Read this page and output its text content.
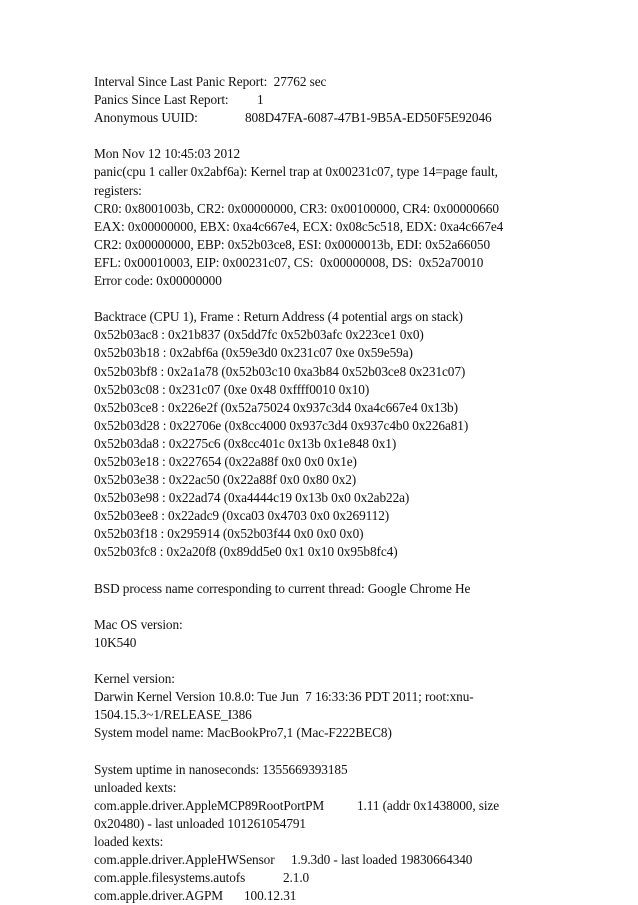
Interval Since Last Panic Report: 27762 sec
Panics Since Last Report: 1
Anonymous UUID:	808D47FA-6087-47B1-9B5A-ED50F5E92046
Mon Nov 12 10:45:03 2012
panic(cpu 1 caller 0x2abf6a): Kernel trap at 0x00231c07, type 14=page fault,
registers:
CR0: 0x8001003b, CR2: 0x00000000, CR3: 0x00100000, CR4: 0x00000660
EAX: 0x00000000, EBX: 0xa4c667e4, ECX: 0x08c5c518, EDX: 0xa4c667e4
CR2: 0x00000000, EBP: 0x52b03ce8, ESI: 0x0000013b, EDI: 0x52a66050
EFL: 0x00010003, EIP: 0x00231c07, CS:  0x00000008, DS:  0x52a70010
Error code: 0x00000000
Backtrace (CPU 1), Frame : Return Address (4 potential args on stack)
0x52b03ac8 : 0x21b837 (0x5dd7fc 0x52b03afc 0x223ce1 0x0)
0x52b03b18 : 0x2abf6a (0x59e3d0 0x231c07 0xe 0x59e59a)
0x52b03bf8 : 0x2a1a78 (0x52b03c10 0xa3b84 0x52b03ce8 0x231c07)
0x52b03c08 : 0x231c07 (0xe 0x48 0xffff0010 0x10)
0x52b03ce8 : 0x226e2f (0x52a75024 0x937c3d4 0xa4c667e4 0x13b)
0x52b03d28 : 0x22706e (0x8cc4000 0x937c3d4 0x937c4b0 0x226a81)
0x52b03da8 : 0x2275c6 (0x8cc401c 0x13b 0x1e848 0x1)
0x52b03e18 : 0x227654 (0x22a88f 0x0 0x0 0x1e)
0x52b03e38 : 0x22ac50 (0x22a88f 0x0 0x80 0x2)
0x52b03e98 : 0x22ad74 (0xa4444c19 0x13b 0x0 0x2ab22a)
0x52b03ee8 : 0x22adc9 (0xca03 0x4703 0x0 0x269112)
0x52b03f18 : 0x295914 (0x52b03f44 0x0 0x0 0x0)
0x52b03fc8 : 0x2a20f8 (0x89dd5e0 0x1 0x10 0x95b8fc4)
BSD process name corresponding to current thread: Google Chrome He
Mac OS version:
10K540
Kernel version:
Darwin Kernel Version 10.8.0: Tue Jun  7 16:33:36 PDT 2011; root:xnu-
1504.15.3~1/RELEASE_I386
System model name: MacBookPro7,1 (Mac-F222BEC8)
System uptime in nanoseconds: 1355669393185
unloaded kexts:
com.apple.driver.AppleMCP89RootPortPM 1.11 (addr 0x1438000, size
0x20480) - last unloaded 101261054791
loaded kexts:
com.apple.driver.AppleHWSensor 1.9.3d0 - last loaded 19830664340
com.apple.filesystems.autofs	2.1.0
com.apple.driver.AGPM 100.12.31
